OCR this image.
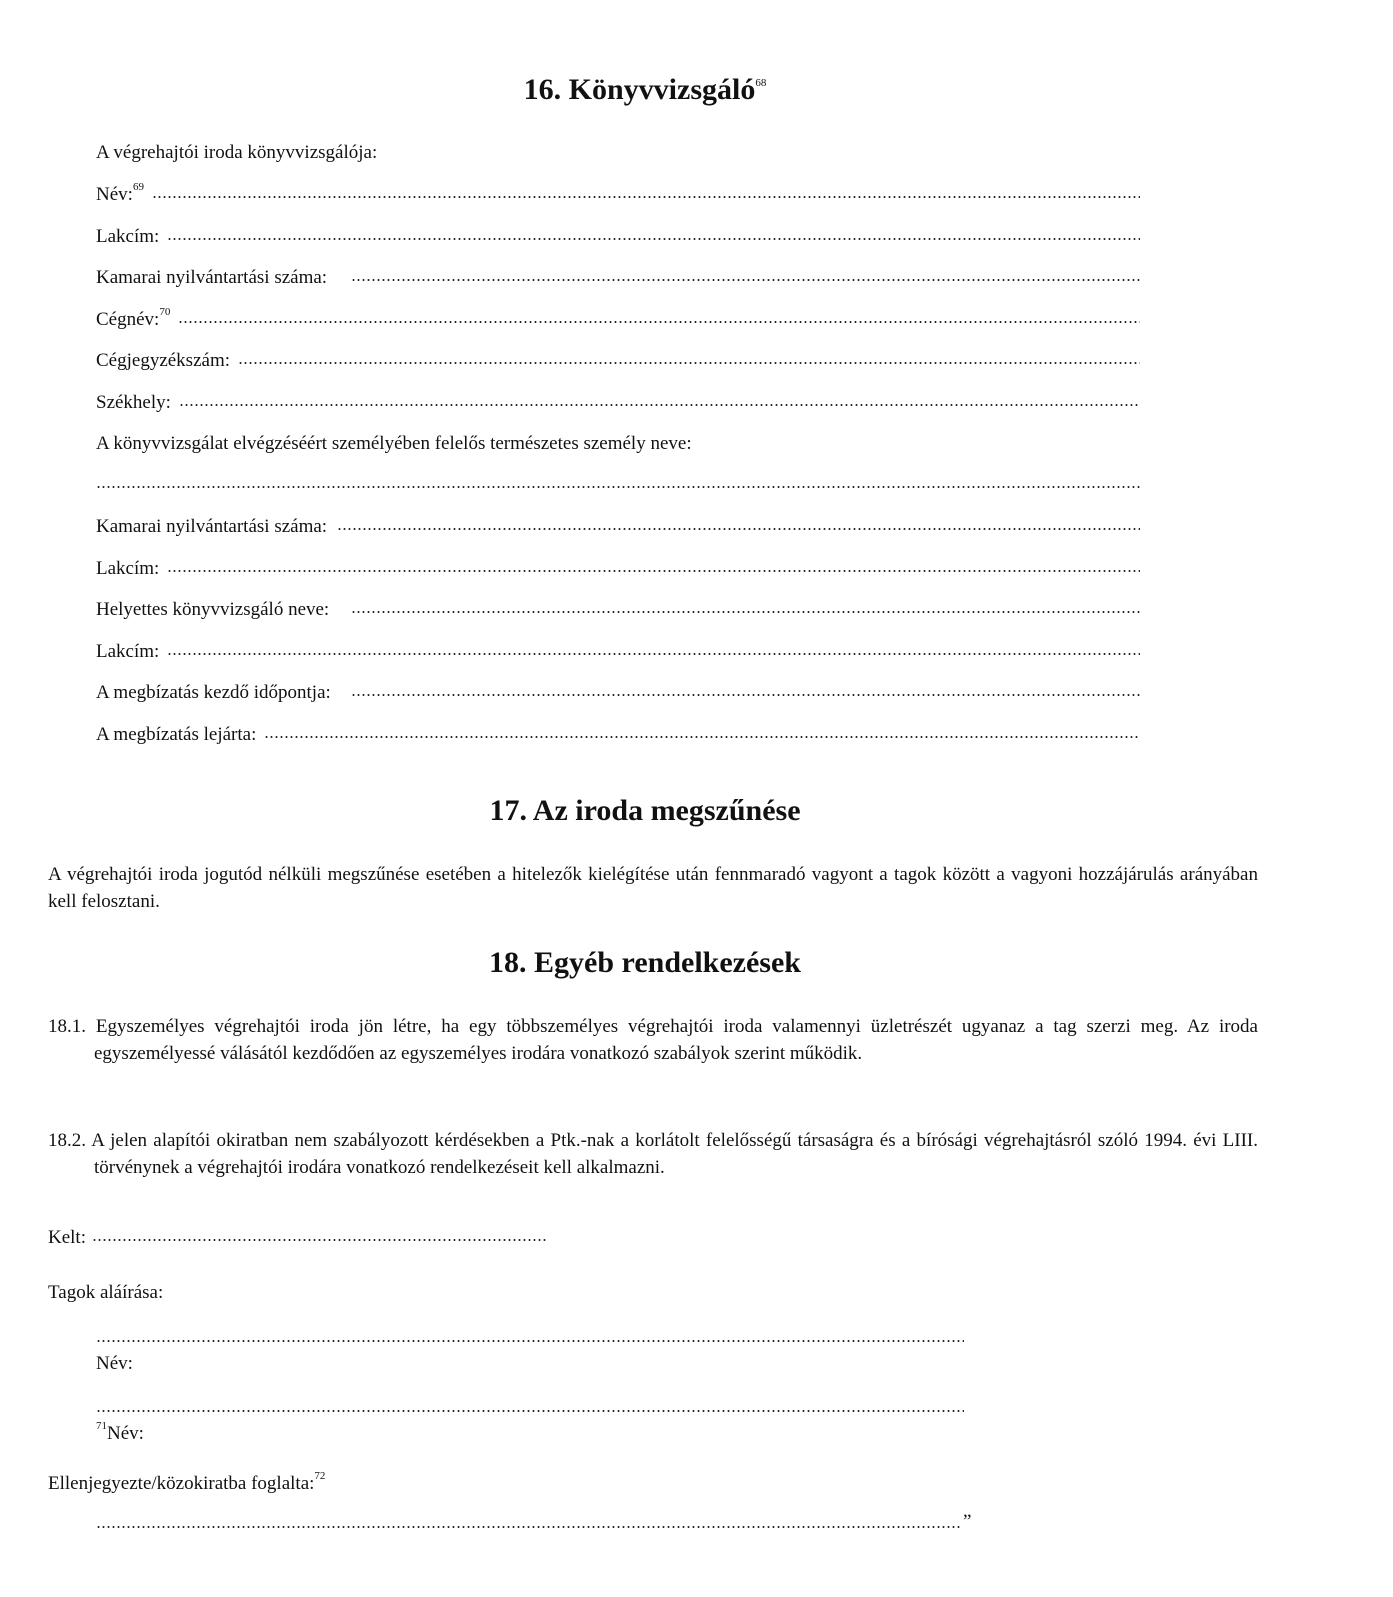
16. Könyvvizsgáló$^{68}$
A végrehajtói iroda könyvvizsgálója:
Név:$^{69}$
Lakcím:
Kamarai nyilvántartási száma:
Cégnév:$^{70}$
Cégjegyzékszám:
Székhely:
A könyvvizsgálat elvégzéséért személyében felelős természetes személy neve:
Kamarai nyilvántartási száma:
Lakcím:
Helyettes könyvvizsgáló neve:
Lakcím:
A megbízatás kezdő időpontja:
A megbízatás lejárta:
17. Az iroda megszűnése
A végrehajtói iroda jogutód nélküli megszűnése esetében a hitelezők kielégítése után fennmaradó vagyont a tagok között a vagyoni hozzájárulás arányában kell felosztani.
18. Egyéb rendelkezések
18.1. Egyszemélyes végrehajtói iroda jön létre, ha egy többszemélyes végrehajtói iroda valamennyi üzletrészét ugyanaz a tag szerzi meg. Az iroda egyszemélyessé válásától kezdődően az egyszemélyes irodára vonatkozó szabályok szerint működik.
18.2. A jelen alapítói okiratban nem szabályozott kérdésekben a Ptk.-nak a korlátolt felelősségű társaságra és a bírósági végrehajtásról szóló 1994. évi LIII. törvénynek a végrehajtói irodára vonatkozó rendelkezéseit kell alkalmazni.
Kelt:
Tagok aláírása:
Név:
$^{71}$Név:
Ellenjegyezte/közokiratba foglalta:$^{72}$
”
